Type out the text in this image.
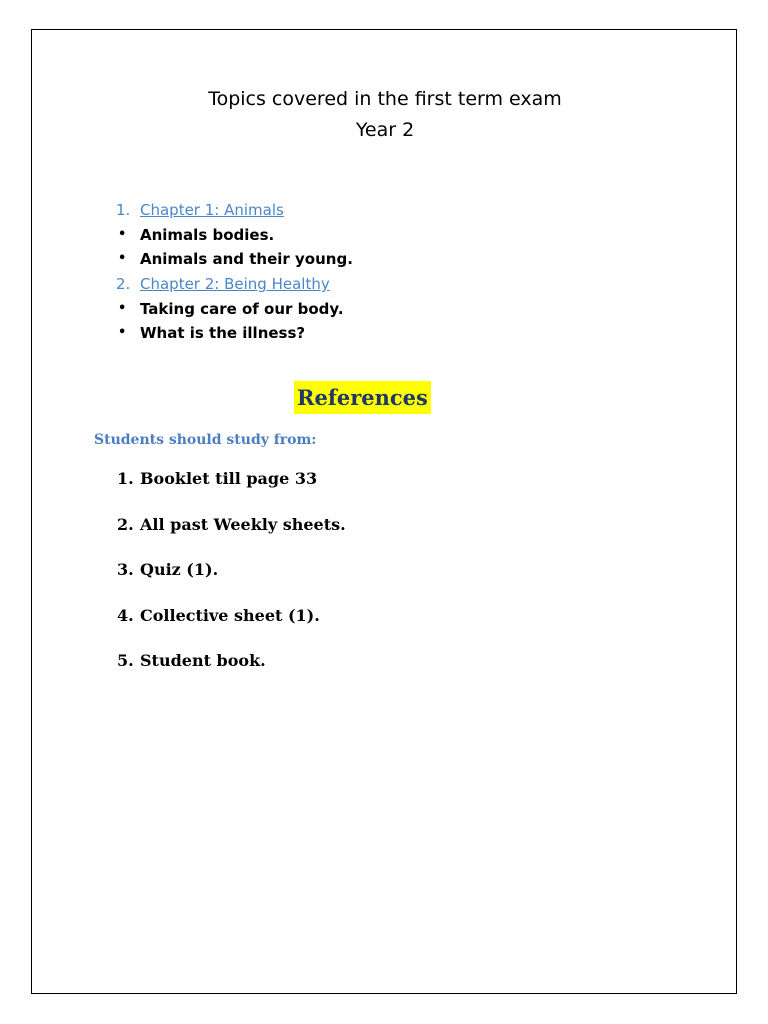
Topics covered in the first term exam
Year 2
1. Chapter 1: Animals
• Animals bodies.
• Animals and their young.
2. Chapter 2: Being Healthy
• Taking care of our body.
• What is the illness?
References
Students should study from:
1. Booklet till page 33
2. All past Weekly sheets.
3. Quiz (1).
4. Collective sheet (1).
5. Student book.
